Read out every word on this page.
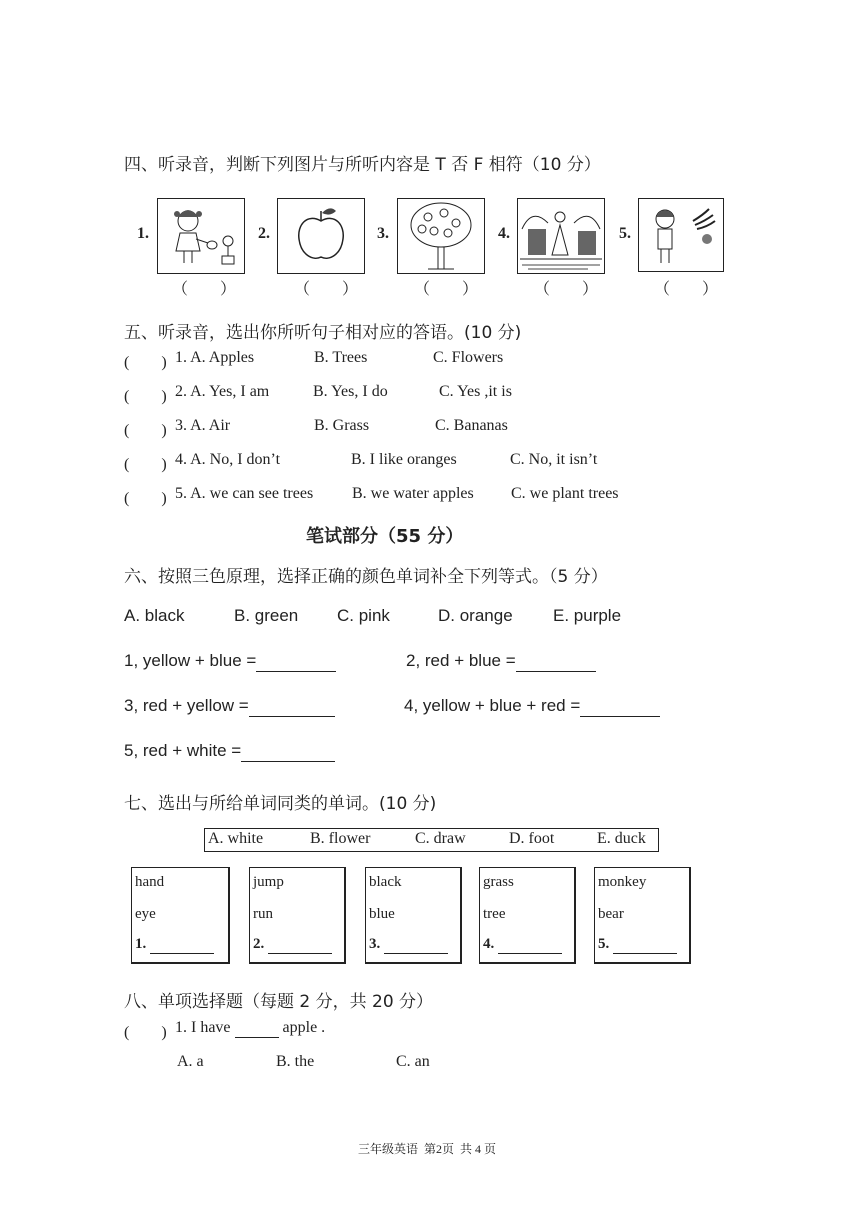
四、听录音，判断下列图片与所听内容是 T 否 F 相符（10 分）
1.
（　　）
2.
（　　）
3.
（　　）
4.
（　　）
5.
（　　）
五、听录音，选出你所听句子相对应的答语。(10 分)
(　　) 1. A. Apples	B. Trees	C. Flowers
(　　) 2. A. Yes, I am	B. Yes, I do	C. Yes ,it is
(　　) 3. A. Air	B. Grass	C. Bananas
(　　) 4. A. No, I don’t	B. I like oranges	C. No, it isn’t
(　　) 5. A. we can see trees B. we water apples C. we plant trees
笔试部分（55 分）
六、按照三色原理，选择正确的颜色单词补全下列等式。（5 分）
A. black	B. green C. pink	D. orange E. purple
1, yellow + blue =	2, red + blue =
3, red + yellow =	4, yellow + blue + red =
5, red + white =
七、选出与所给单词同类的单词。(10 分)
A. white	B. flower	C. draw	D. foot	E. duck
hand
eye
1.
jump
run
2.
black
blue
3.
grass
tree
4.
monkey
bear
5.
八、单项选择题（每题 2 分，共 20 分）
(　　) 1. I have	apple .
A. a	B. the	C. an
三年级英语  第2页  共 4 页
